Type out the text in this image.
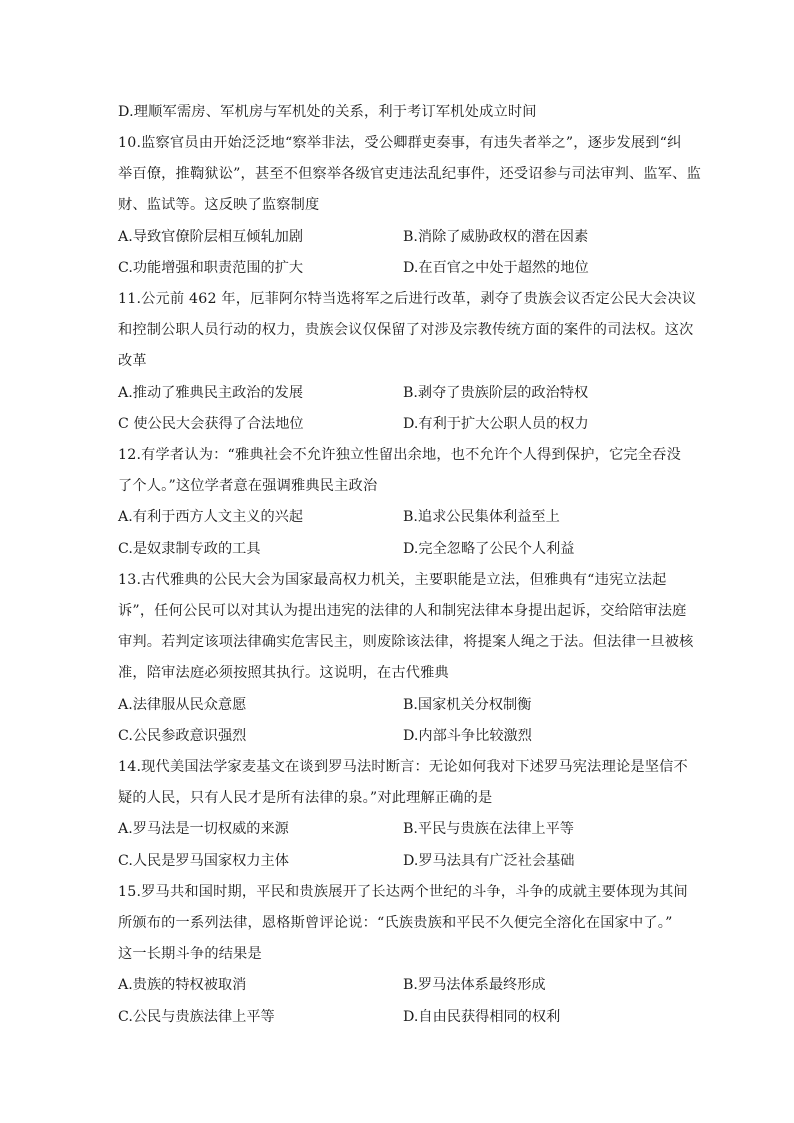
D.理顺军需房、军机房与军机处的关系，利于考订军机处成立时间
10.监察官员由开始泛泛地“察举非法，受公卿群吏奏事，有违失者举之”，逐步发展到“纠
举百僚，推鞫狱讼”，甚至不但察举各级官吏违法乱纪事件，还受诏参与司法审判、监军、监
财、监试等。这反映了监察制度
A.导致官僚阶层相互倾轧加剧	B.消除了威胁政权的潜在因素
C.功能增强和职责范围的扩大	D.在百官之中处于超然的地位
11.公元前 462 年，厄菲阿尔特当选将军之后进行改革，剥夺了贵族会议否定公民大会决议
和控制公职人员行动的权力，贵族会议仅保留了对涉及宗教传统方面的案件的司法权。这次
改革
A.推动了雅典民主政治的发展	B.剥夺了贵族阶层的政治特权
C 使公民大会获得了合法地位	D.有利于扩大公职人员的权力
12.有学者认为：“雅典社会不允许独立性留出余地，也不允许个人得到保护，它完全吞没
了个人。”这位学者意在强调雅典民主政治
A.有利于西方人文主义的兴起	B.追求公民集体利益至上
C.是奴隶制专政的工具	D.完全忽略了公民个人利益
13.古代雅典的公民大会为国家最高权力机关，主要职能是立法，但雅典有“违宪立法起
诉”，任何公民可以对其认为提出违宪的法律的人和制宪法律本身提出起诉，交给陪审法庭
审判。若判定该项法律确实危害民主，则废除该法律，将提案人绳之于法。但法律一旦被核
准，陪审法庭必须按照其执行。这说明，在古代雅典
A.法律服从民众意愿	B.国家机关分权制衡
C.公民参政意识强烈	D.内部斗争比较激烈
14.现代美国法学家麦基文在谈到罗马法时断言：无论如何我对下述罗马宪法理论是坚信不
疑的人民，只有人民才是所有法律的泉。”对此理解正确的是
A.罗马法是一切权威的来源	B.平民与贵族在法律上平等
C.人民是罗马国家权力主体	D.罗马法具有广泛社会基础
15.罗马共和国时期，平民和贵族展开了长达两个世纪的斗争，斗争的成就主要体现为其间
所颁布的一系列法律，恩格斯曾评论说：“氏族贵族和平民不久便完全溶化在国家中了。”
这一长期斗争的结果是
A.贵族的特权被取消	B.罗马法体系最终形成
C.公民与贵族法律上平等	D.自由民获得相同的权利
